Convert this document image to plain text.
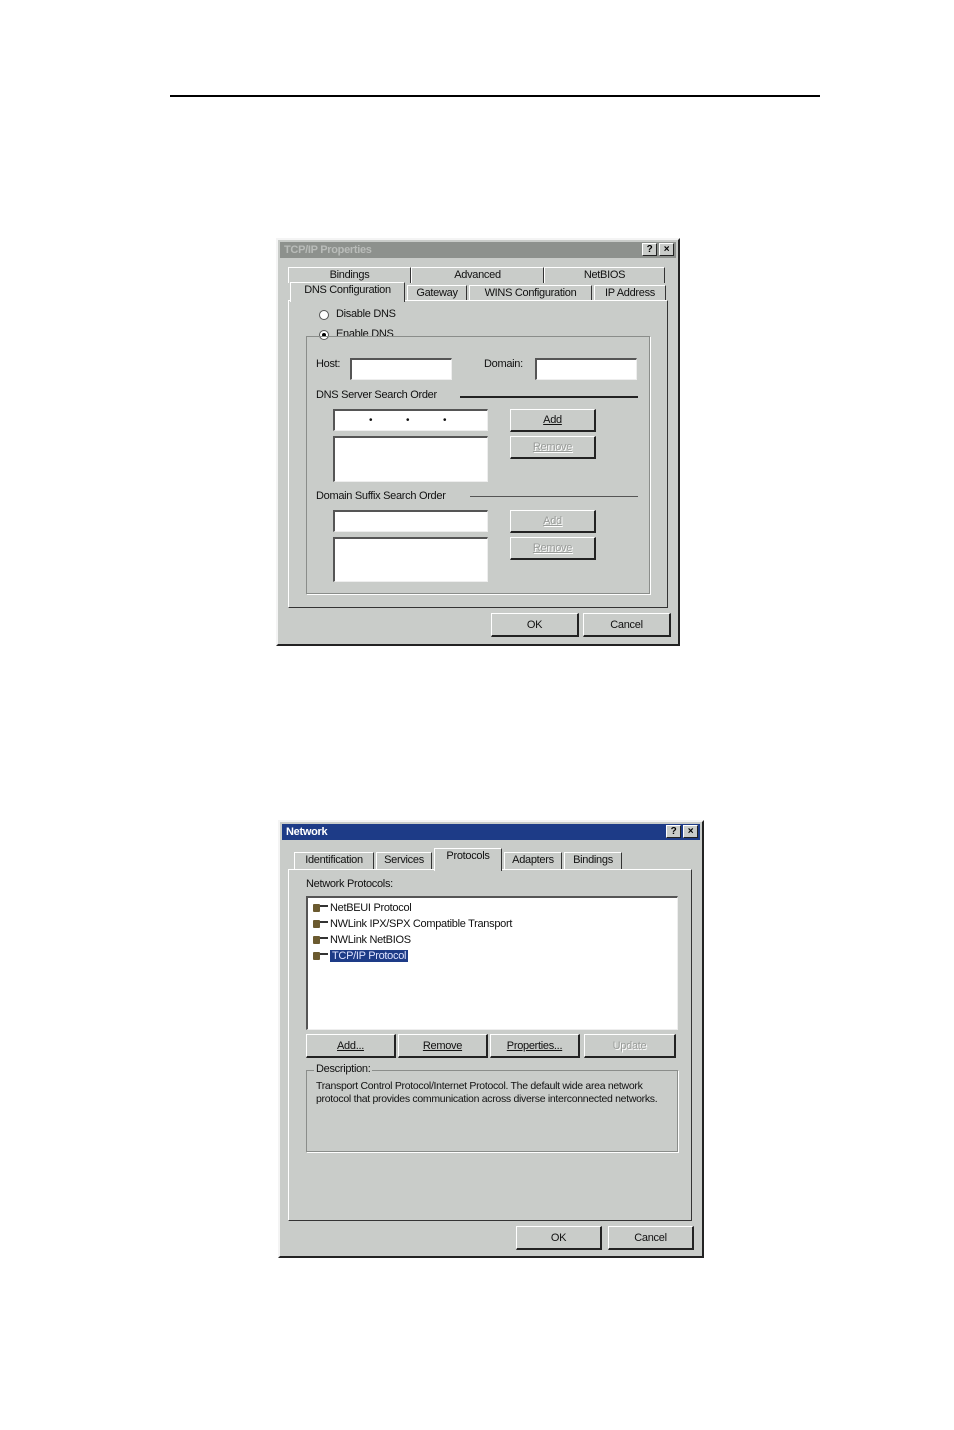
TCP/IP Properties	? ×
Bindings	Advanced	NetBIOS
DNS Configuration	Gateway	WINS Configuration	IP Address
Disable DNS
Enable DNS
Host:	Domain:
DNS Server Search Order
•	•	•	Add
Remove
Domain Suffix Search Order
Add
Remove
OK	Cancel
Network	? ×
Identification	Services	Protocols	Adapters	Bindings
Network Protocols:
NetBEUI Protocol
NWLink IPX/SPX Compatible Transport
NWLink NetBIOS
TCP/IP Protocol
Add...	Remove	Properties...	Update
Description:
Transport Control Protocol/Internet Protocol. The default wide area network protocol that provides communication across diverse interconnected networks.
OK	Cancel
